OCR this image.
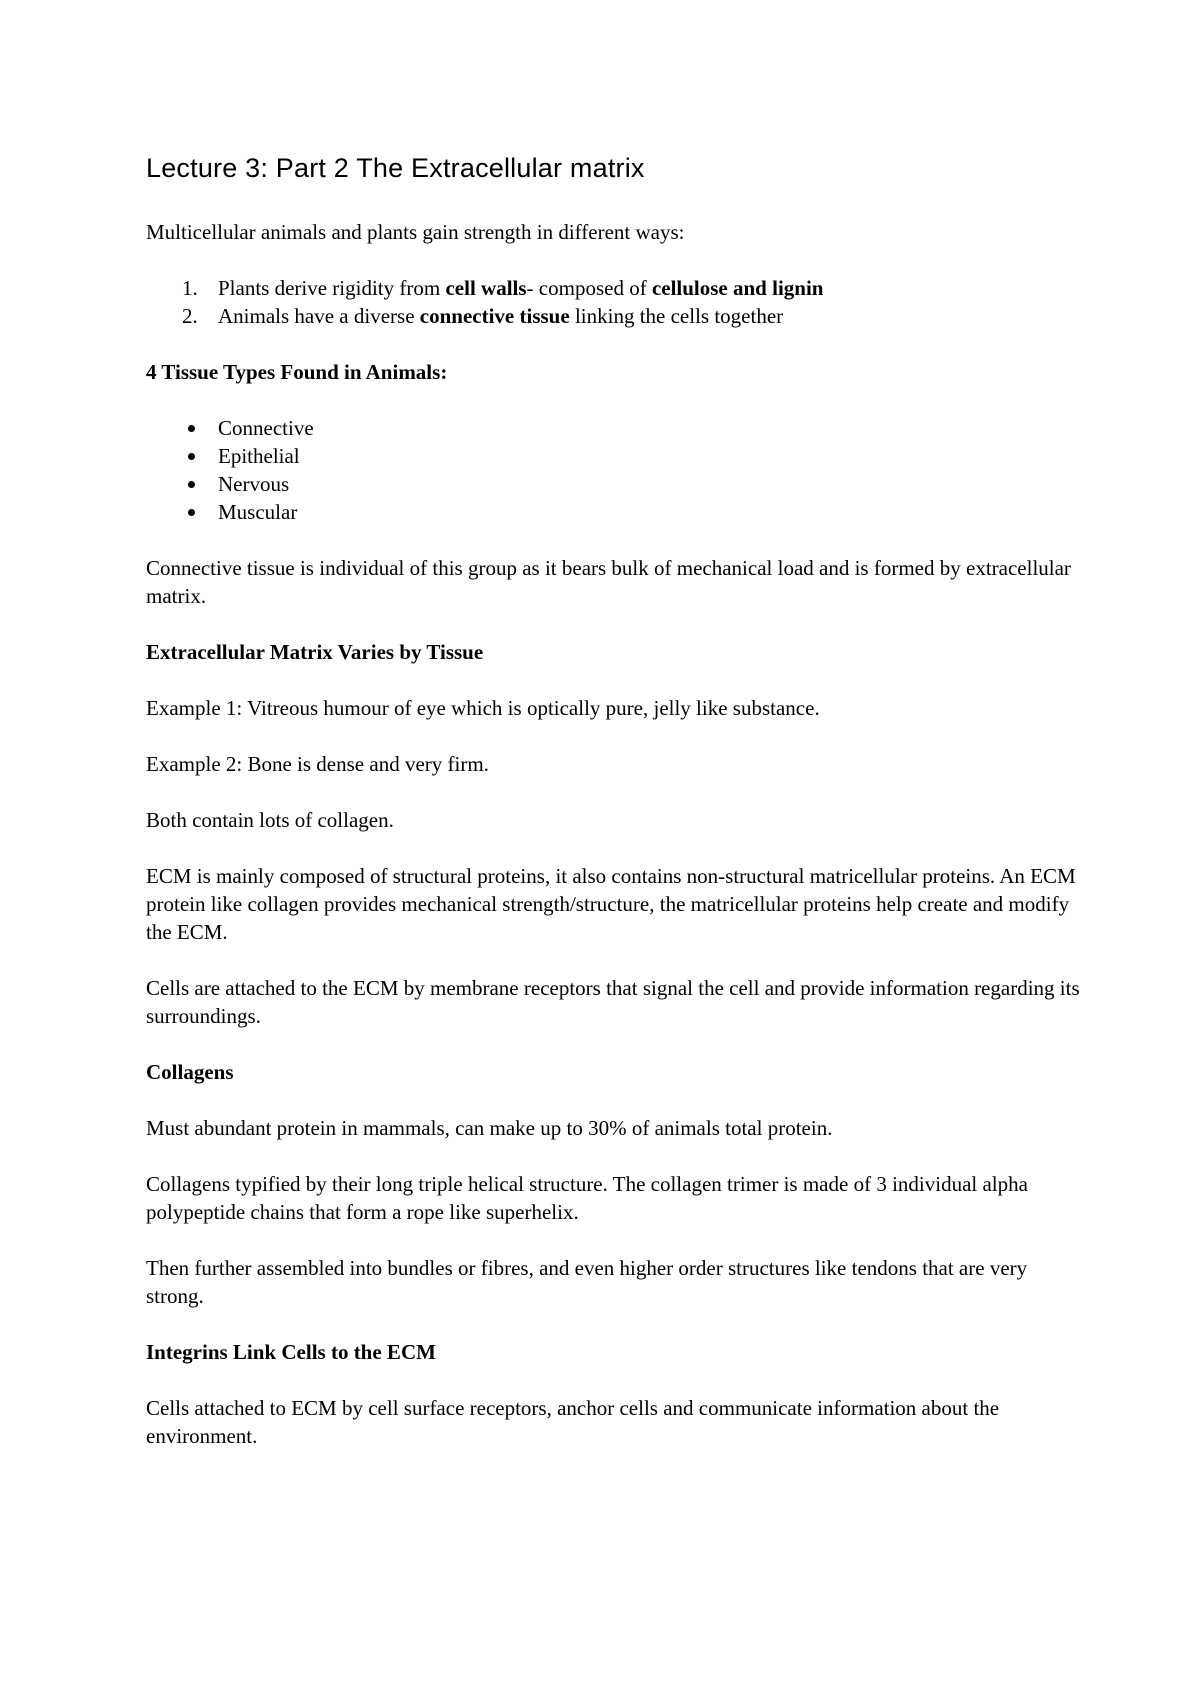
Lecture 3: Part 2 The Extracellular matrix

Multicellular animals and plants gain strength in different ways:

1. Plants derive rigidity from cell walls- composed of cellulose and lignin
2. Animals have a diverse connective tissue linking the cells together

4 Tissue Types Found in Animals:

Connective
Epithelial
Nervous
Muscular

Connective tissue is individual of this group as it bears bulk of mechanical load and is formed by extracellular matrix.

Extracellular Matrix Varies by Tissue

Example 1: Vitreous humour of eye which is optically pure, jelly like substance.

Example 2: Bone is dense and very firm.

Both contain lots of collagen.

ECM is mainly composed of structural proteins, it also contains non-structural matricellular proteins. An ECM protein like collagen provides mechanical strength/structure, the matricellular proteins help create and modify the ECM.

Cells are attached to the ECM by membrane receptors that signal the cell and provide information regarding its surroundings.

Collagens

Must abundant protein in mammals, can make up to 30% of animals total protein.

Collagens typified by their long triple helical structure. The collagen trimer is made of 3 individual alpha polypeptide chains that form a rope like superhelix.

Then further assembled into bundles or fibres, and even higher order structures like tendons that are very strong.

Integrins Link Cells to the ECM

Cells attached to ECM by cell surface receptors, anchor cells and communicate information about the environment.
